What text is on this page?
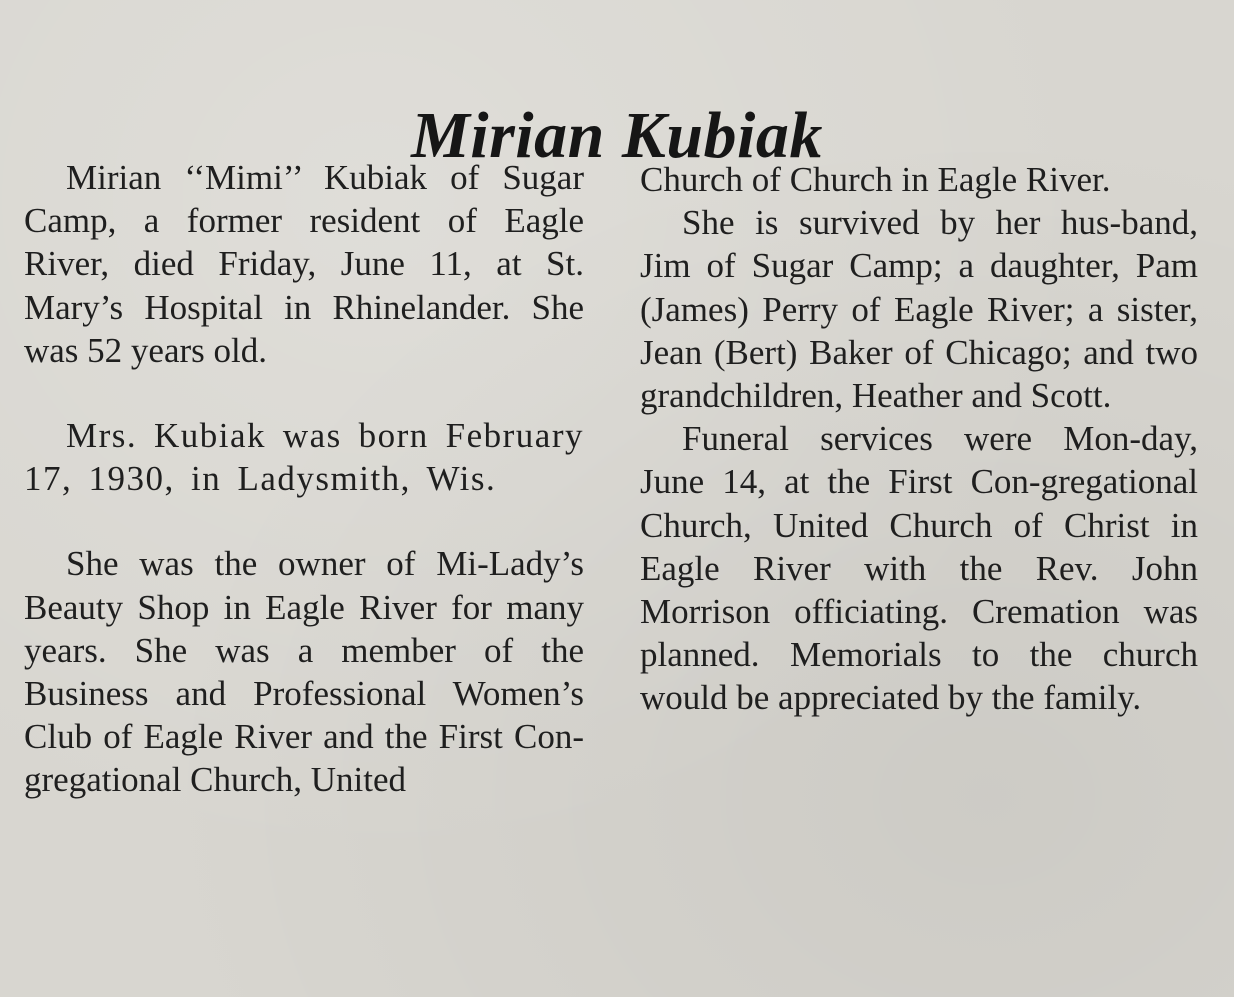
Mirian Kubiak

Mirian ‘‘Mimi’’ Kubiak of Sugar Camp, a former resident of Eagle River, died Friday, June 11, at St. Mary’s Hospital in Rhinelander. She was 52 years old.

Mrs. Kubiak was born February 17, 1930, in Ladysmith, Wis.

She was the owner of Mi-Lady’s Beauty Shop in Eagle River for many years. She was a member of the Business and Professional Women’s Club of Eagle River and the First Con-gregational Church, United

Church of Church in Eagle River.

She is survived by her hus-band, Jim of Sugar Camp; a daughter, Pam (James) Perry of Eagle River; a sister, Jean (Bert) Baker of Chicago; and two grandchildren, Heather and Scott.

Funeral services were Mon-day, June 14, at the First Con-gregational Church, United Church of Christ in Eagle River with the Rev. John Morrison officiating. Cremation was planned. Memorials to the church would be appreciated by the family.
